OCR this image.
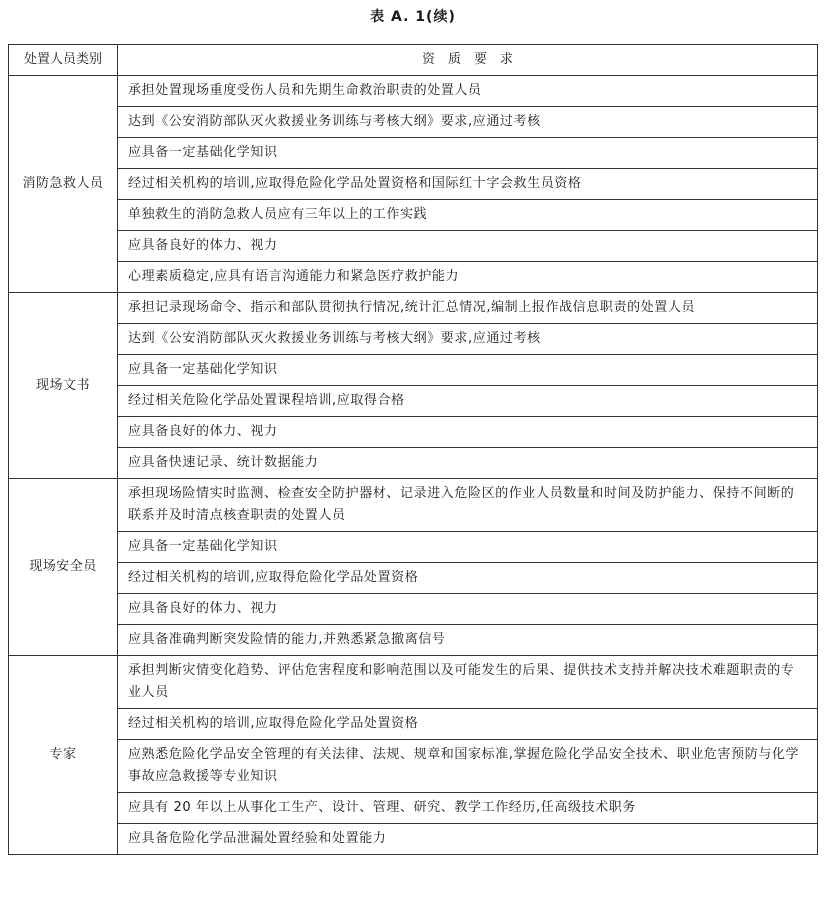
表 A. 1(续)
处置人员类别	资　质　要　求
消防急救人员	承担处置现场重度受伤人员和先期生命救治职责的处置人员
	达到《公安消防部队灭火救援业务训练与考核大纲》要求,应通过考核
	应具备一定基础化学知识
	经过相关机构的培训,应取得危险化学品处置资格和国际红十字会救生员资格
	单独救生的消防急救人员应有三年以上的工作实践
	应具备良好的体力、视力
	心理素质稳定,应具有语言沟通能力和紧急医疗救护能力
现场文书	承担记录现场命令、指示和部队贯彻执行情况,统计汇总情况,编制上报作战信息职责的处置人员
	达到《公安消防部队灭火救援业务训练与考核大纲》要求,应通过考核
	应具备一定基础化学知识
	经过相关危险化学品处置课程培训,应取得合格
	应具备良好的体力、视力
	应具备快速记录、统计数据能力
现场安全员	承担现场险情实时监测、检查安全防护器材、记录进入危险区的作业人员数量和时间及防护能力、保持不间断的联系并及时清点核查职责的处置人员
	应具备一定基础化学知识
	经过相关机构的培训,应取得危险化学品处置资格
	应具备良好的体力、视力
	应具备准确判断突发险情的能力,并熟悉紧急撤离信号
专家	承担判断灾情变化趋势、评估危害程度和影响范围以及可能发生的后果、提供技术支持并解决技术难题职责的专业人员
	经过相关机构的培训,应取得危险化学品处置资格
	应熟悉危险化学品安全管理的有关法律、法规、规章和国家标准,掌握危险化学品安全技术、职业危害预防与化学事故应急救援等专业知识
	应具有 20 年以上从事化工生产、设计、管理、研究、教学工作经历,任高级技术职务
	应具备危险化学品泄漏处置经验和处置能力
